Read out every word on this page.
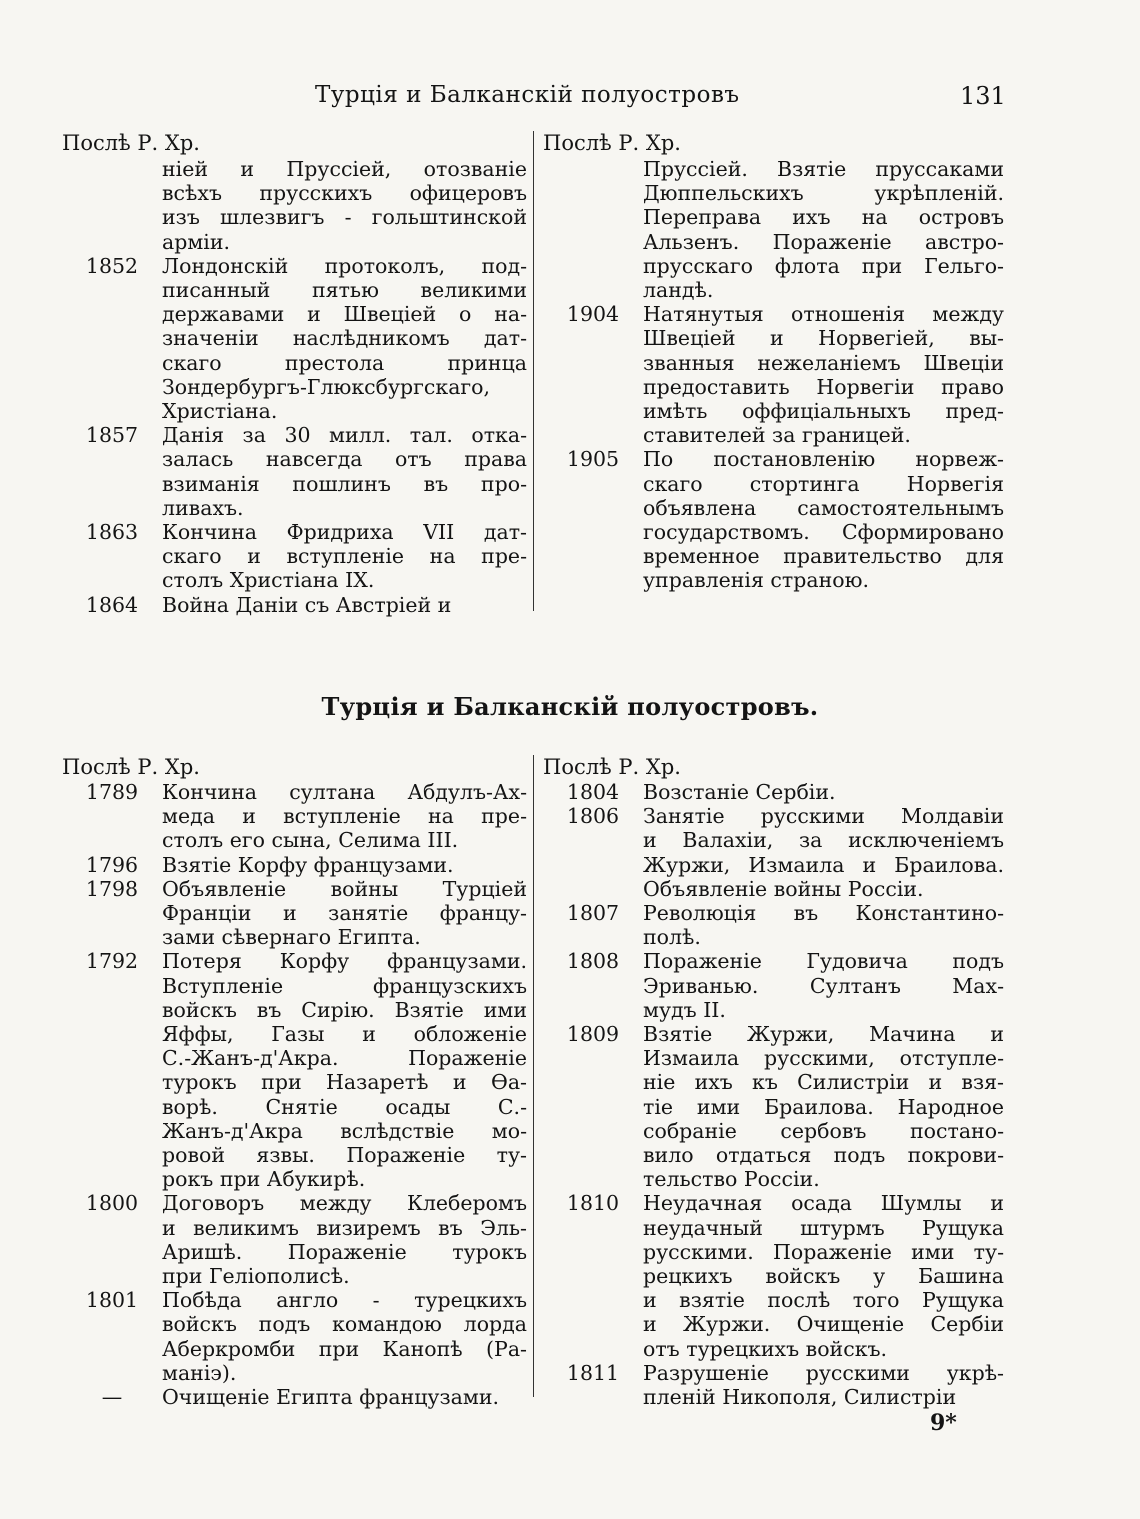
Турція и Балканскій полуостровъ	131
Послѣ Р. Хр.	Послѣ Р. Хр.
ніей и Пруссіей, отозваніе
всѣхъ прусскихъ офицеровъ
изъ шлезвигъ - гольштинской
арміи.
1852	Лондонскій протоколъ, под-
писанный пятью великими
державами и Швеціей о на-
значеніи наслѣдникомъ дат-
скаго престола принца
Зондербургъ-Глюксбургскаго,
Христіана.
1857	Данія за 30 милл. тал. отка-
залась навсегда отъ права
взиманія пошлинъ въ про-
ливахъ.
1863	Кончина Фридриха VII дат-
скаго и вступленіе на пре-
столъ Христіана IX.
1864	Война Даніи съ Австріей и
Пруссіей. Взятіе пруссаками
Дюппельскихъ укрѣпленій.
Переправа ихъ на островъ
Альзенъ. Пораженіе австро-
прусскаго флота при Гельго-
ландѣ.
1904	Натянутыя отношенія между
Швеціей и Норвегіей, вы-
званныя нежеланіемъ Швеціи
предоставить Норвегіи право
имѣть оффиціальныхъ пред-
ставителей за границей.
1905	По постановленію норвеж-
скаго стортинга Норвегія
объявлена самостоятельнымъ
государствомъ. Сформировано
временное правительство для
управленія страною.
Турція и Балканскій полуостровъ.
Послѣ Р. Хр.	Послѣ Р. Хр.
1789	Кончина султана Абдулъ-Ах-
меда и вступленіе на пре-
столъ его сына, Селима III.
1796	Взятіе Корфу французами.
1798	Объявленіе войны Турціей
Франціи и занятіе францу-
зами сѣвернаго Египта.
1792	Потеря Корфу французами.
Вступленіе французскихъ
войскъ въ Сирію. Взятіе ими
Яффы, Газы и обложеніе
С.-Жанъ-д'Акра. Пораженіе
турокъ при Назаретѣ и Ѳа-
ворѣ. Снятіе осады С.-
Жанъ-д'Акра вслѣдствіе мо-
ровой язвы. Пораженіе ту-
рокъ при Абукирѣ.
1800	Договоръ между Клеберомъ
и великимъ визиремъ въ Эль-
Аришѣ. Пораженіе турокъ
при Геліополисѣ.
1801	Побѣда англо - турецкихъ
войскъ подъ командою лорда
Аберкромби при Канопѣ (Ра-
маніэ).
—	Очищеніе Египта французами.
1804	Возстаніе Сербіи.
1806	Занятіе русскими Молдавіи
и Валахіи, за исключеніемъ
Журжи, Измаила и Браилова.
Объявленіе войны Россіи.
1807	Революція въ Константино-
полѣ.
1808	Пораженіе Гудовича подъ
Эриванью. Султанъ Мах-
мудъ II.
1809	Взятіе Журжи, Мачина и
Измаила русскими, отступле-
ніе ихъ къ Силистріи и взя-
тіе ими Браилова. Народное
собраніе сербовъ постано-
вило отдаться подъ покрови-
тельство Россіи.
1810	Неудачная осада Шумлы и
неудачный штурмъ Рущука
русскими. Пораженіе ими ту-
рецкихъ войскъ у Башина
и взятіе послѣ того Рущука
и Журжи. Очищеніе Сербіи
отъ турецкихъ войскъ.
1811	Разрушеніе русскими укрѣ-
пленій Никополя, Силистріи
9*
